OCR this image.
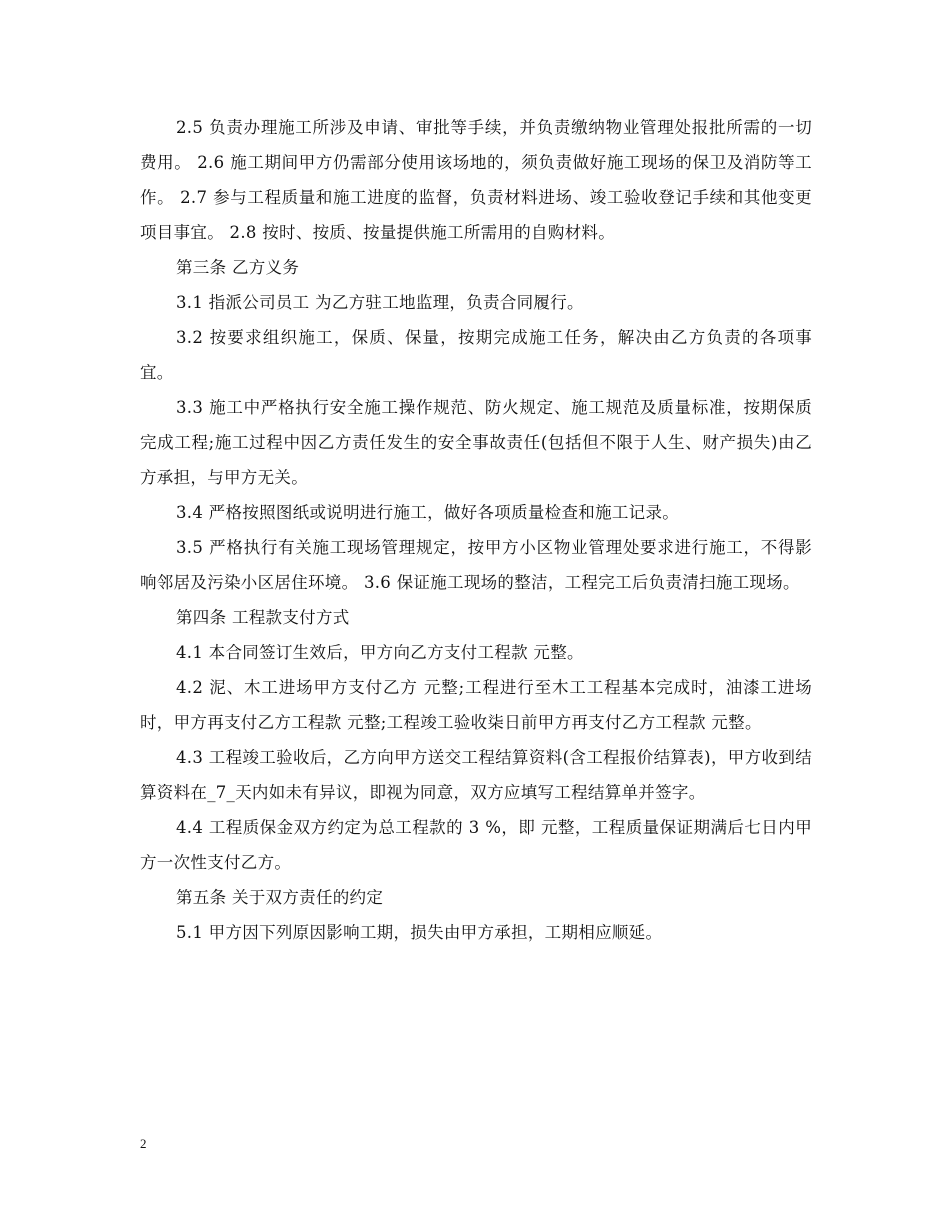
2.5 负责办理施工所涉及申请、审批等手续，并负责缴纳物业管理处报批所需的一切费用。 2.6 施工期间甲方仍需部分使用该场地的，须负责做好施工现场的保卫及消防等工作。 2.7 参与工程质量和施工进度的监督，负责材料进场、竣工验收登记手续和其他变更项目事宜。 2.8 按时、按质、按量提供施工所需用的自购材料。

第三条 乙方义务

3.1 指派公司员工 为乙方驻工地监理，负责合同履行。

3.2 按要求组织施工，保质、保量，按期完成施工任务，解决由乙方负责的各项事宜。

3.3 施工中严格执行安全施工操作规范、防火规定、施工规范及质量标准，按期保质完成工程;施工过程中因乙方责任发生的安全事故责任(包括但不限于人生、财产损失)由乙方承担，与甲方无关。

3.4 严格按照图纸或说明进行施工，做好各项质量检查和施工记录。

3.5 严格执行有关施工现场管理规定，按甲方小区物业管理处要求进行施工，不得影响邻居及污染小区居住环境。 3.6 保证施工现场的整洁，工程完工后负责清扫施工现场。

第四条 工程款支付方式

4.1 本合同签订生效后，甲方向乙方支付工程款 元整。

4.2 泥、木工进场甲方支付乙方 元整;工程进行至木工工程基本完成时，油漆工进场时，甲方再支付乙方工程款 元整;工程竣工验收柒日前甲方再支付乙方工程款 元整。

4.3 工程竣工验收后，乙方向甲方送交工程结算资料(含工程报价结算表)，甲方收到结算资料在_7_天内如未有异议，即视为同意，双方应填写工程结算单并签字。

4.4 工程质保金双方约定为总工程款的 3 %，即 元整，工程质量保证期满后七日内甲方一次性支付乙方。

第五条 关于双方责任的约定

5.1 甲方因下列原因影响工期，损失由甲方承担，工期相应顺延。

2
